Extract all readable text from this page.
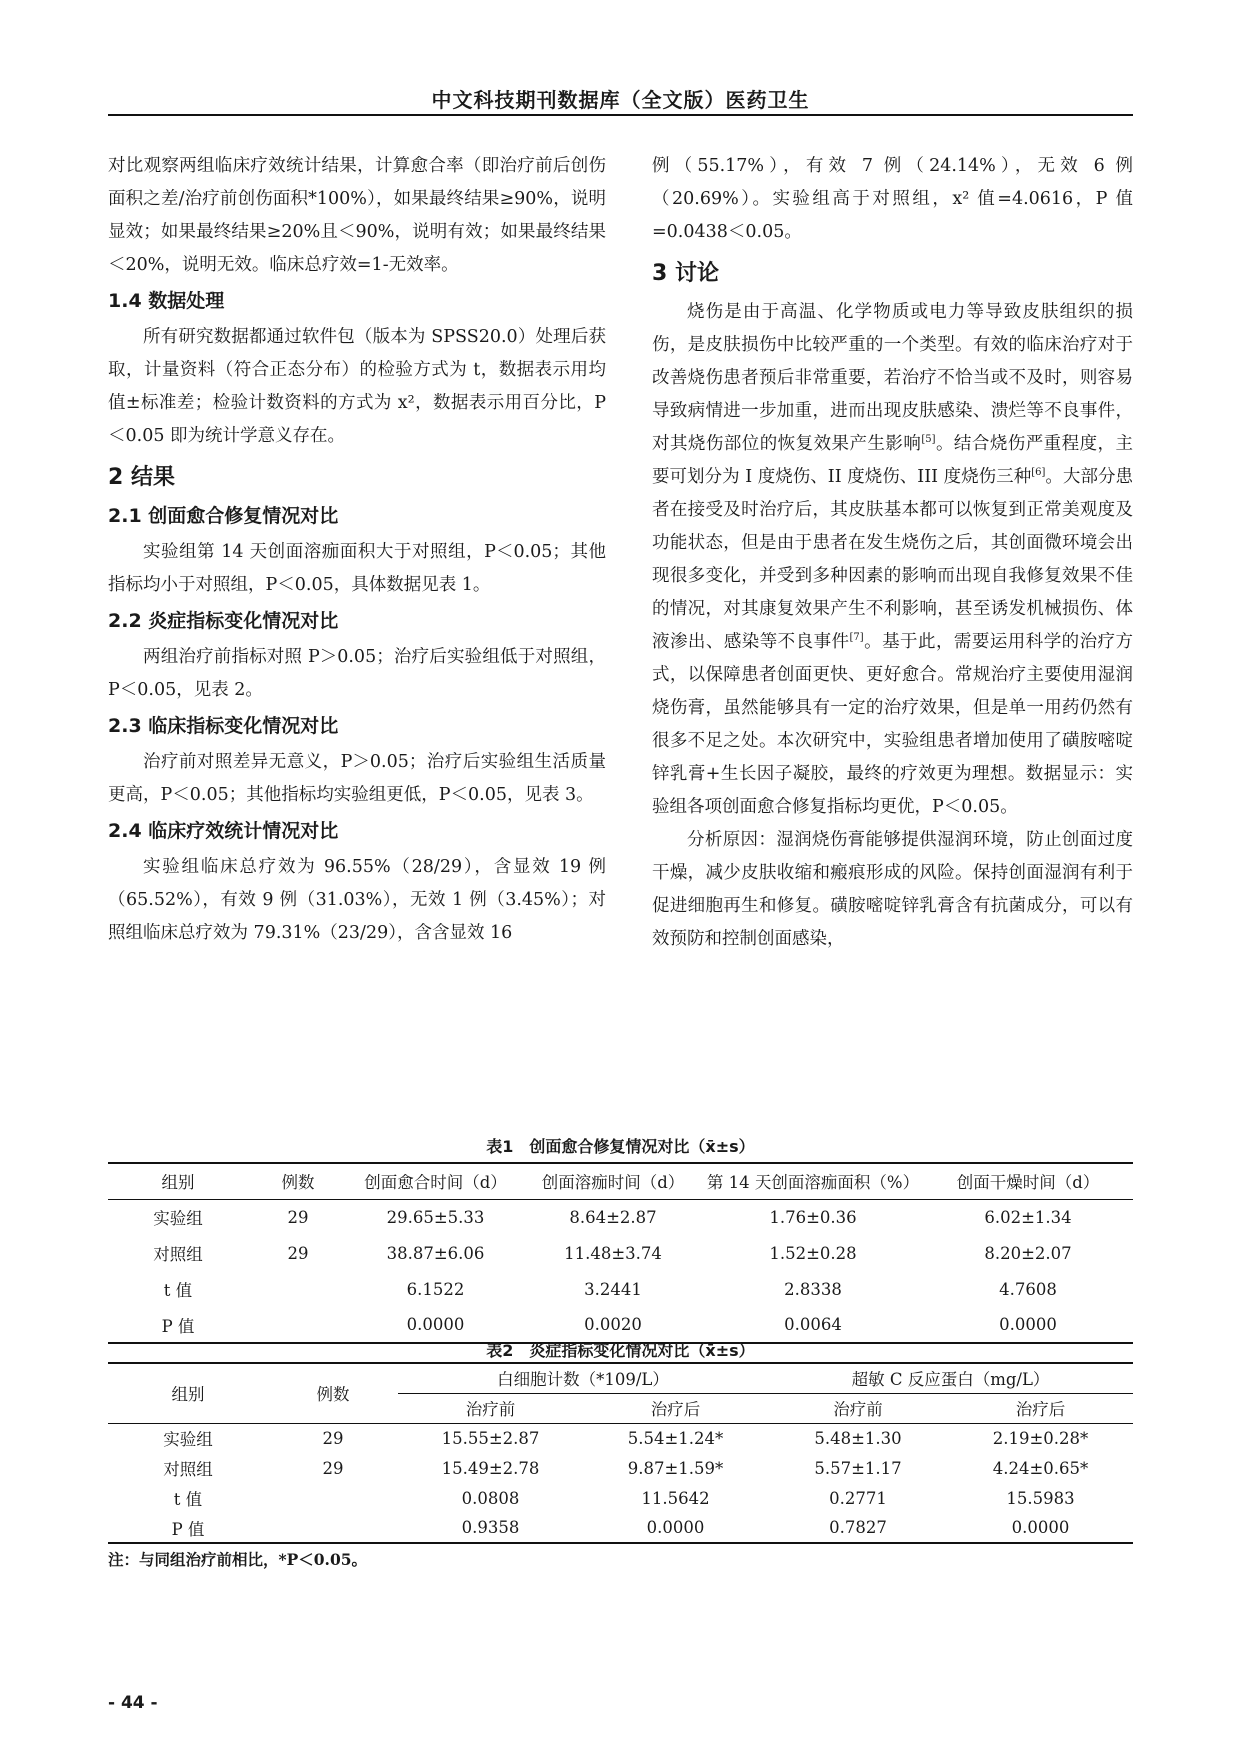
中文科技期刊数据库（全文版）医药卫生

对比观察两组临床疗效统计结果，计算愈合率（即治疗前后创伤面积之差/治疗前创伤面积*100%），如果最终结果≥90%，说明显效；如果最终结果≥20%且＜90%，说明有效；如果最终结果＜20%，说明无效。临床总疗效=1-无效率。

1.4 数据处理

所有研究数据都通过软件包（版本为 SPSS20.0）处理后获取，计量资料（符合正态分布）的检验方式为 t，数据表示用均值±标准差；检验计数资料的方式为 x²，数据表示用百分比，P＜0.05 即为统计学意义存在。

2 结果
2.1 创面愈合修复情况对比

实验组第 14 天创面溶痂面积大于对照组，P＜0.05；其他指标均小于对照组，P＜0.05，具体数据见表 1。

2.2 炎症指标变化情况对比

两组治疗前指标对照 P＞0.05；治疗后实验组低于对照组，P＜0.05，见表 2。

2.3 临床指标变化情况对比

治疗前对照差异无意义，P＞0.05；治疗后实验组生活质量更高，P＜0.05；其他指标均实验组更低，P＜0.05，见表 3。

2.4 临床疗效统计情况对比

实验组临床总疗效为 96.55%（28/29），含显效 19 例（65.52%），有效 9 例（31.03%），无效 1 例（3.45%）；对照组临床总疗效为 79.31%（23/29），含含显效 16

例（55.17%），有效 7 例（24.14%），无效 6 例（20.69%）。实验组高于对照组，x² 值=4.0616，P 值=0.0438＜0.05。

3 讨论

烧伤是由于高温、化学物质或电力等导致皮肤组织的损伤，是皮肤损伤中比较严重的一个类型。有效的临床治疗对于改善烧伤患者预后非常重要，若治疗不恰当或不及时，则容易导致病情进一步加重，进而出现皮肤感染、溃烂等不良事件，对其烧伤部位的恢复效果产生影响[5]。结合烧伤严重程度，主要可划分为 I 度烧伤、II 度烧伤、III 度烧伤三种[6]。大部分患者在接受及时治疗后，其皮肤基本都可以恢复到正常美观度及功能状态，但是由于患者在发生烧伤之后，其创面微环境会出现很多变化，并受到多种因素的影响而出现自我修复效果不佳的情况，对其康复效果产生不利影响，甚至诱发机械损伤、体液渗出、感染等不良事件[7]。基于此，需要运用科学的治疗方式，以保障患者创面更快、更好愈合。常规治疗主要使用湿润烧伤膏，虽然能够具有一定的治疗效果，但是单一用药仍然有很多不足之处。本次研究中，实验组患者增加使用了磺胺嘧啶锌乳膏+生长因子凝胶，最终的疗效更为理想。数据显示：实验组各项创面愈合修复指标均更优，P＜0.05。

分析原因：湿润烧伤膏能够提供湿润环境，防止创面过度干燥，减少皮肤收缩和瘢痕形成的风险。保持创面湿润有利于促进细胞再生和修复。磺胺嘧啶锌乳膏含有抗菌成分，可以有效预防和控制创面感染，

表1　创面愈合修复情况对比（x̄±s）
组别	例数	创面愈合时间（d）	创面溶痂时间（d）	第 14 天创面溶痂面积（%）	创面干燥时间（d）
实验组	29	29.65±5.33	8.64±2.87	1.76±0.36	6.02±1.34
对照组	29	38.87±6.06	11.48±3.74	1.52±0.28	8.20±2.07
t 值		6.1522	3.2441	2.8338	4.7608
P 值		0.0000	0.0020	0.0064	0.0000
表2　炎症指标变化情况对比（x̄±s）
组别	例数	白细胞计数（*109/L）		超敏 C 反应蛋白（mg/L）	
		治疗前	治疗后	治疗前	治疗后
实验组	29	15.55±2.87	5.54±1.24*	5.48±1.30	2.19±0.28*
对照组	29	15.49±2.78	9.87±1.59*	5.57±1.17	4.24±0.65*
t 值		0.0808	11.5642	0.2771	15.5983
P 值		0.9358	0.0000	0.7827	0.0000
注：与同组治疗前相比，*P＜0.05。
- 44 -
